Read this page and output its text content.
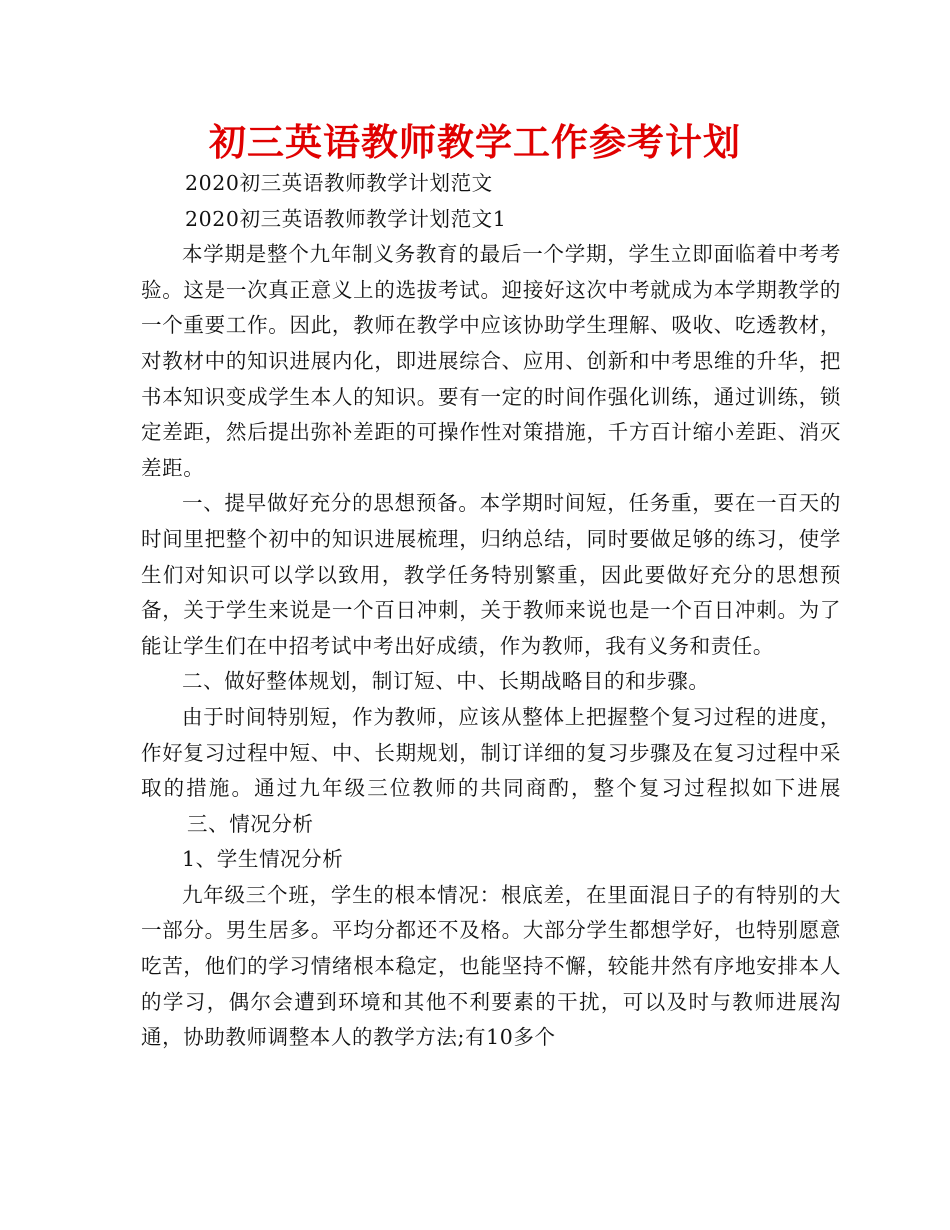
初三英语教师教学工作参考计划

2020初三英语教师教学计划范文

2020初三英语教师教学计划范文1

本学期是整个九年制义务教育的最后一个学期，学生立即面临着中考考验。这是一次真正意义上的选拔考试。迎接好这次中考就成为本学期教学的一个重要工作。因此，教师在教学中应该协助学生理解、吸收、吃透教材，对教材中的知识进展内化，即进展综合、应用、创新和中考思维的升华，把书本知识变成学生本人的知识。要有一定的时间作强化训练，通过训练，锁定差距，然后提出弥补差距的可操作性对策措施，千方百计缩小差距、消灭差距。

一、提早做好充分的思想预备。本学期时间短，任务重，要在一百天的时间里把整个初中的知识进展梳理，归纳总结，同时要做足够的练习，使学生们对知识可以学以致用，教学任务特别繁重，因此要做好充分的思想预备，关于学生来说是一个百日冲刺，关于教师来说也是一个百日冲刺。为了能让学生们在中招考试中考出好成绩，作为教师，我有义务和责任。

二、做好整体规划，制订短、中、长期战略目的和步骤。

由于时间特别短，作为教师，应该从整体上把握整个复习过程的进度，作好复习过程中短、中、长期规划，制订详细的复习步骤及在复习过程中采取的措施。通过九年级三位教师的共同商酌，整个复习过程拟如下进展三、情况分析

1、学生情况分析

九年级三个班，学生的根本情况：根底差，在里面混日子的有特别的大一部分。男生居多。平均分都还不及格。大部分学生都想学好，也特别愿意吃苦，他们的学习情绪根本稳定，也能坚持不懈，较能井然有序地安排本人的学习，偶尔会遭到环境和其他不利要素的干扰，可以及时与教师进展沟通，协助教师调整本人的教学方法;有10多个
